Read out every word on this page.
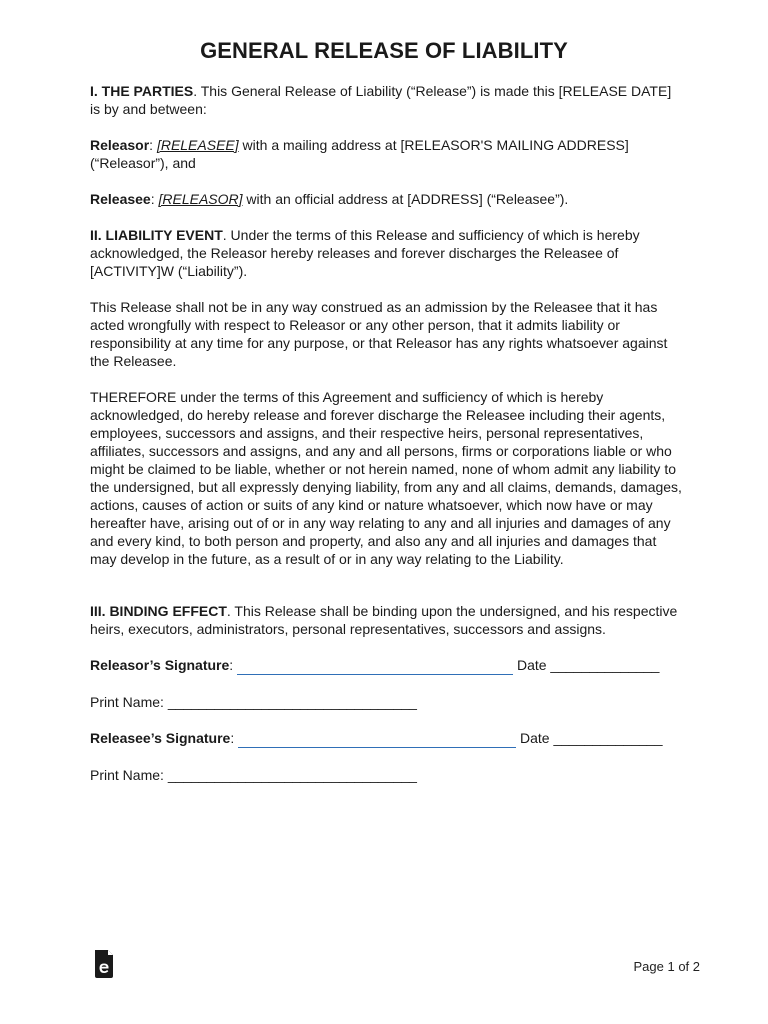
GENERAL RELEASE OF LIABILITY

I. THE PARTIES. This General Release of Liability (“Release”) is made this [RELEASE DATE] is by and between:

Releasor: [RELEASEE] with a mailing address at [RELEASOR'S MAILING ADDRESS] (“Releasor”), and

Releasee: [RELEASOR] with an official address at [ADDRESS] (“Releasee”).

II. LIABILITY EVENT. Under the terms of this Release and sufficiency of which is hereby acknowledged, the Releasor hereby releases and forever discharges the Releasee of [ACTIVITY]W (“Liability”).

This Release shall not be in any way construed as an admission by the Releasee that it has acted wrongfully with respect to Releasor or any other person, that it admits liability or responsibility at any time for any purpose, or that Releasor has any rights whatsoever against the Releasee.

THEREFORE under the terms of this Agreement and sufficiency of which is hereby acknowledged, do hereby release and forever discharge the Releasee including their agents, employees, successors and assigns, and their respective heirs, personal representatives, affiliates, successors and assigns, and any and all persons, firms or corporations liable or who might be claimed to be liable, whether or not herein named, none of whom admit any liability to the undersigned, but all expressly denying liability, from any and all claims, demands, damages, actions, causes of action or suits of any kind or nature whatsoever, which now have or may hereafter have, arising out of or in any way relating to any and all injuries and damages of any and every kind, to both person and property, and also any and all injuries and damages that may develop in the future, as a result of or in any way relating to the Liability.

III. BINDING EFFECT. This Release shall be binding upon the undersigned, and his respective heirs, executors, administrators, personal representatives, successors and assigns.

Releasor’s Signature:	Date ______________

Print Name: ________________________________

Releasee’s Signature:	Date ______________

Print Name: ________________________________

Page 1 of 2
